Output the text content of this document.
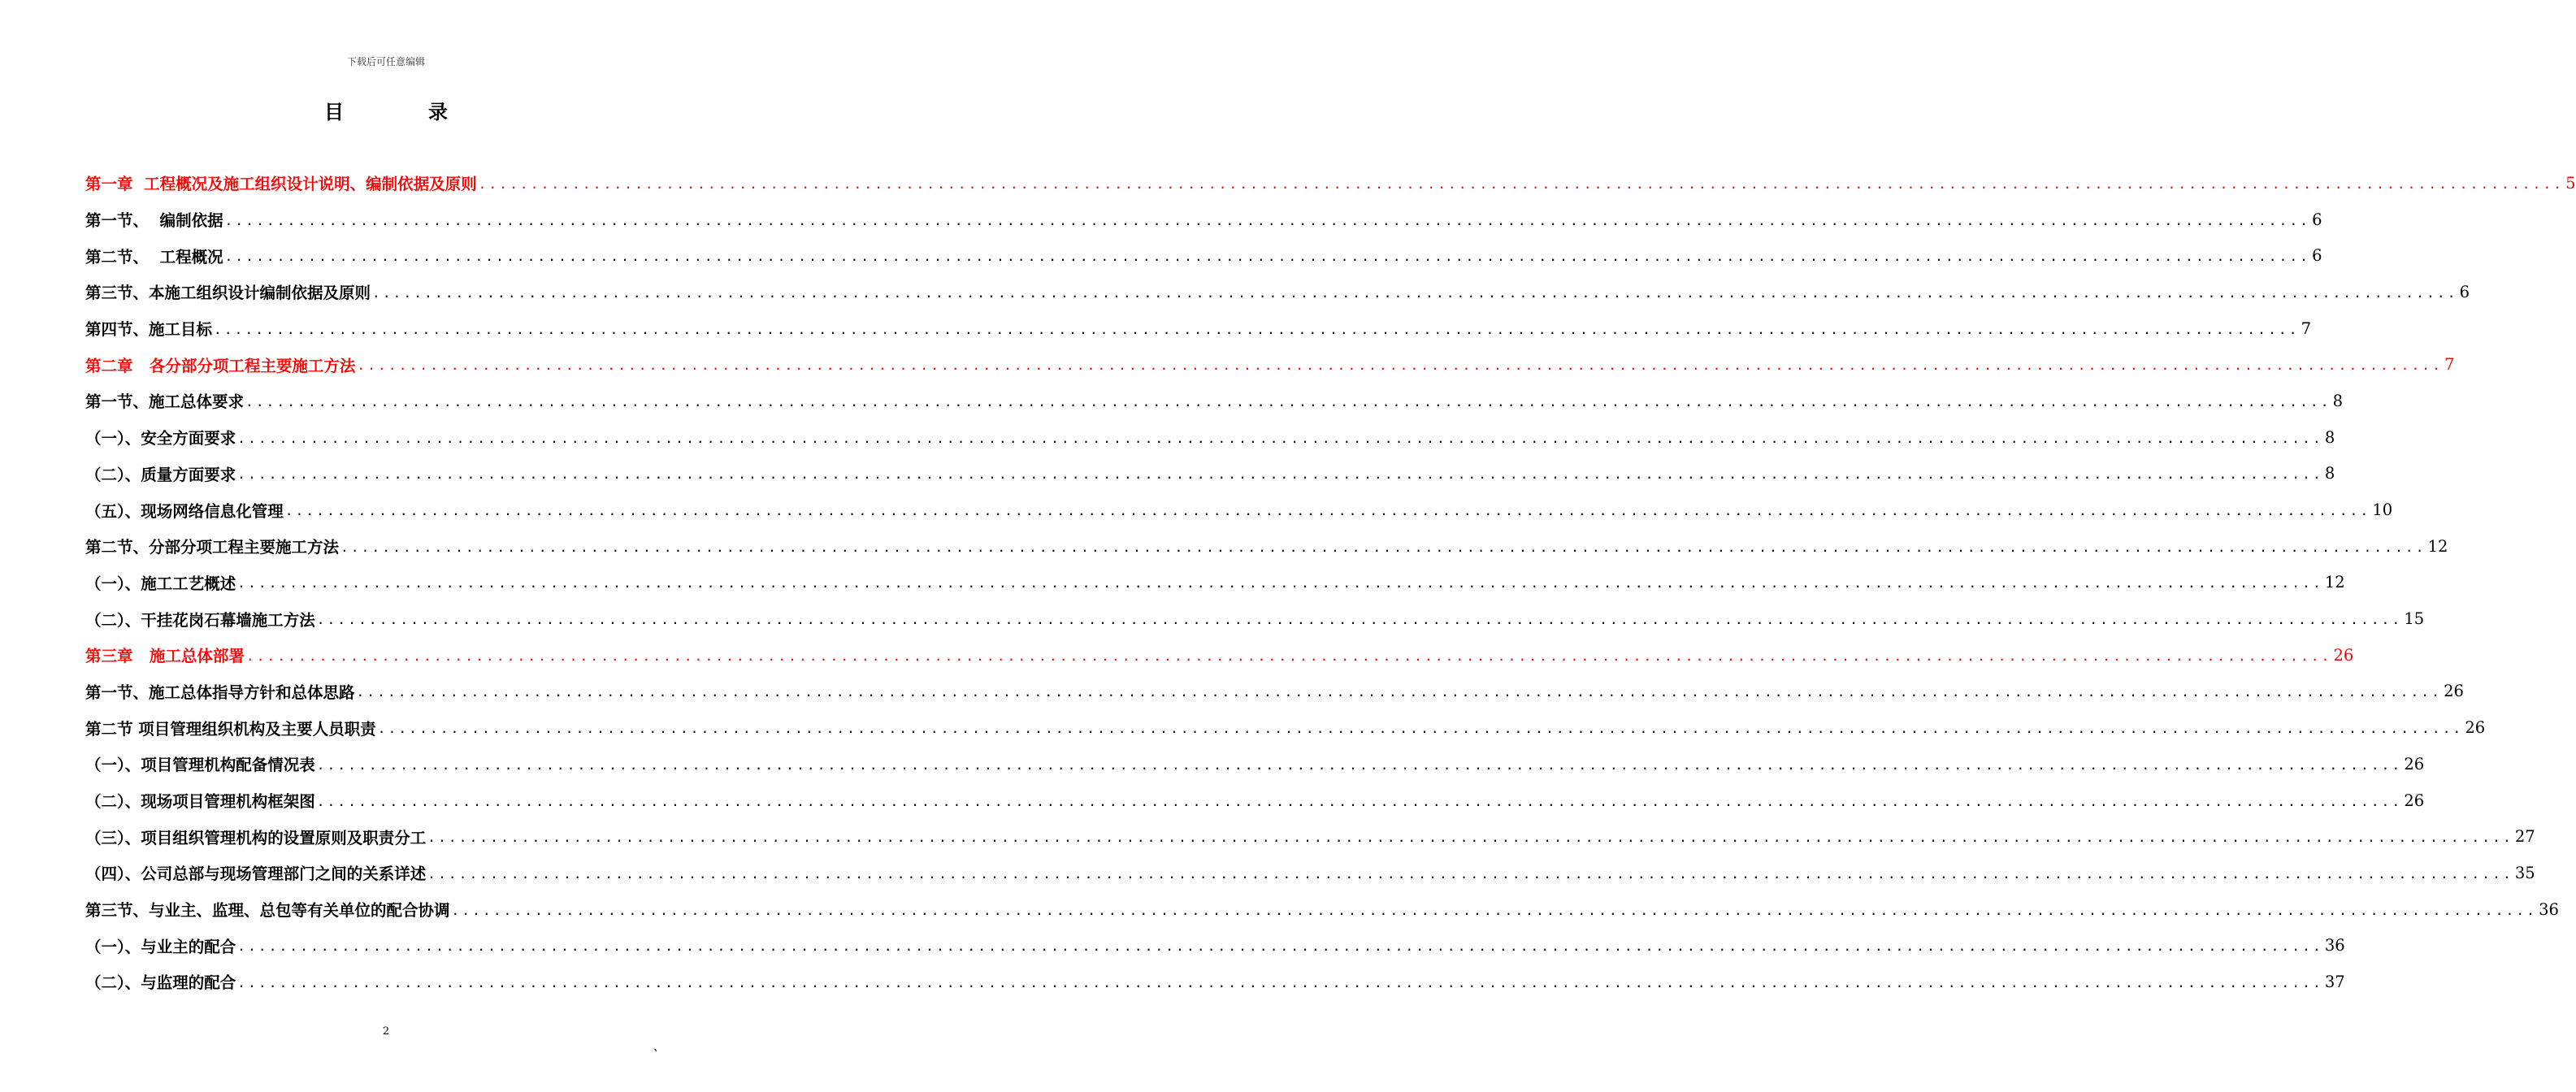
下载后可任意编辑
目	录
第一章  工程概况及施工组织设计说明、编制依据及原则 ........................................................................................................................................................................................................ 5
第一节、  编制依据 ........................................................................................................................................................................................................ 6
第二节、  工程概况 ........................................................................................................................................................................................................ 6
第三节、本施工组织设计编制依据及原则 ........................................................................................................................................................................................................ 6
第四节、施工目标 ........................................................................................................................................................................................................ 7
第二章   各分部分项工程主要施工方法 ........................................................................................................................................................................................................ 7
第一节、施工总体要求 ........................................................................................................................................................................................................ 8
（一）、安全方面要求 ........................................................................................................................................................................................................ 8
（二）、质量方面要求 ........................................................................................................................................................................................................ 8
（五）、现场网络信息化管理 ........................................................................................................................................................................................................ 10
第二节、分部分项工程主要施工方法 ........................................................................................................................................................................................................ 12
（一）、施工工艺概述 ........................................................................................................................................................................................................ 12
（二）、干挂花岗石幕墙施工方法 ........................................................................................................................................................................................................ 15
第三章   施工总体部署 ........................................................................................................................................................................................................ 26
第一节、施工总体指导方针和总体思路 ........................................................................................................................................................................................................ 26
第二节 项目管理组织机构及主要人员职责 ........................................................................................................................................................................................................ 26
（一）、项目管理机构配备情况表 ........................................................................................................................................................................................................ 26
（二）、现场项目管理机构框架图 ........................................................................................................................................................................................................ 26
（三）、项目组织管理机构的设置原则及职责分工 ........................................................................................................................................................................................................ 27
（四）、公司总部与现场管理部门之间的关系详述 ........................................................................................................................................................................................................ 35
第三节、与业主、监理、总包等有关单位的配合协调 ........................................................................................................................................................................................................ 36
（一）、与业主的配合 ........................................................................................................................................................................................................ 36
（二）、与监理的配合 ........................................................................................................................................................................................................ 37
2
、
